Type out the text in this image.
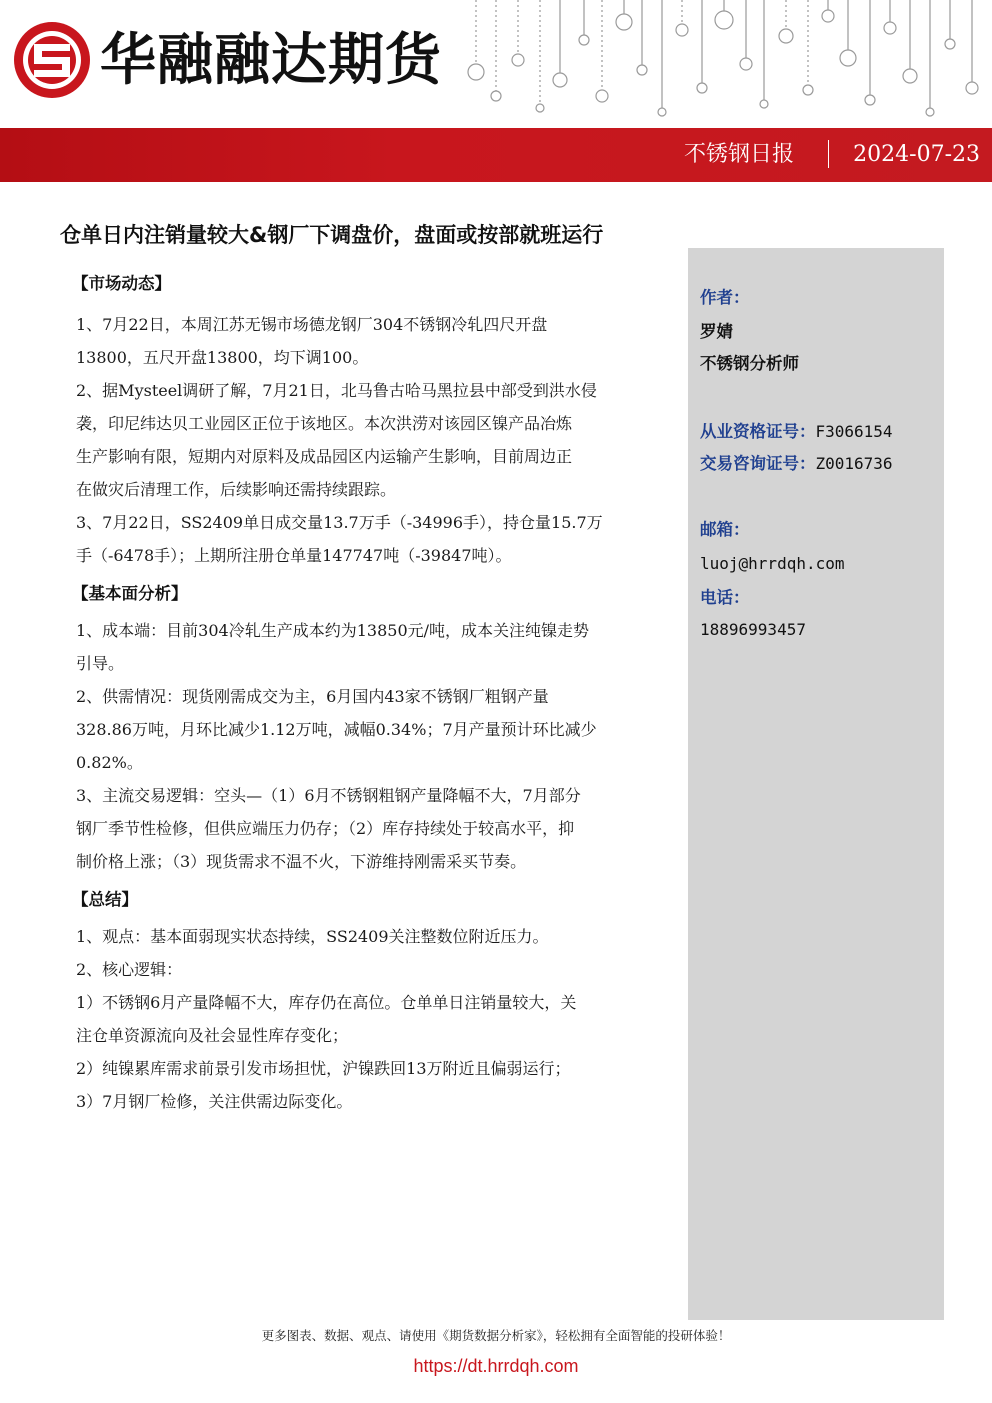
华融融达期货
不锈钢日报	2024-07-23
仓单日内注销量较大&钢厂下调盘价，盘面或按部就班运行
作者：
罗婧
不锈钢分析师
从业资格证号：F3066154
交易咨询证号：Z0016736
邮箱：
luoj@hrrdqh.com
电话：
18896993457
【市场动态】

1、7月22日，本周江苏无锡市场德龙钢厂304不锈钢冷轧四尺开盘

13800，五尺开盘13800，均下调100。

2、据Mysteel调研了解，7月21日，北马鲁古哈马黑拉县中部受到洪水侵

袭，印尼纬达贝工业园区正位于该地区。本次洪涝对该园区镍产品冶炼

生产影响有限，短期内对原料及成品园区内运输产生影响，目前周边正

在做灾后清理工作，后续影响还需持续跟踪。

3、7月22日，SS2409单日成交量13.7万手（-34996手），持仓量15.7万

手（-6478手）；上期所注册仓单量147747吨（-39847吨）。

【基本面分析】

1、成本端：目前304冷轧生产成本约为13850元/吨，成本关注纯镍走势

引导。

2、供需情况：现货刚需成交为主，6月国内43家不锈钢厂粗钢产量

328.86万吨，月环比减少1.12万吨，减幅0.34%；7月产量预计环比减少

0.82%。

3、主流交易逻辑：空头—（1）6月不锈钢粗钢产量降幅不大，7月部分

钢厂季节性检修，但供应端压力仍存；（2）库存持续处于较高水平，抑

制价格上涨；（3）现货需求不温不火，下游维持刚需采买节奏。

【总结】

1、观点：基本面弱现实状态持续，SS2409关注整数位附近压力。

2、核心逻辑：

1）不锈钢6月产量降幅不大，库存仍在高位。仓单单日注销量较大，关

注仓单资源流向及社会显性库存变化；

2）纯镍累库需求前景引发市场担忧，沪镍跌回13万附近且偏弱运行；

3）7月钢厂检修，关注供需边际变化。

更多图表、数据、观点、请使用《期货数据分析家》，轻松拥有全面智能的投研体验！
https://dt.hrrdqh.com
